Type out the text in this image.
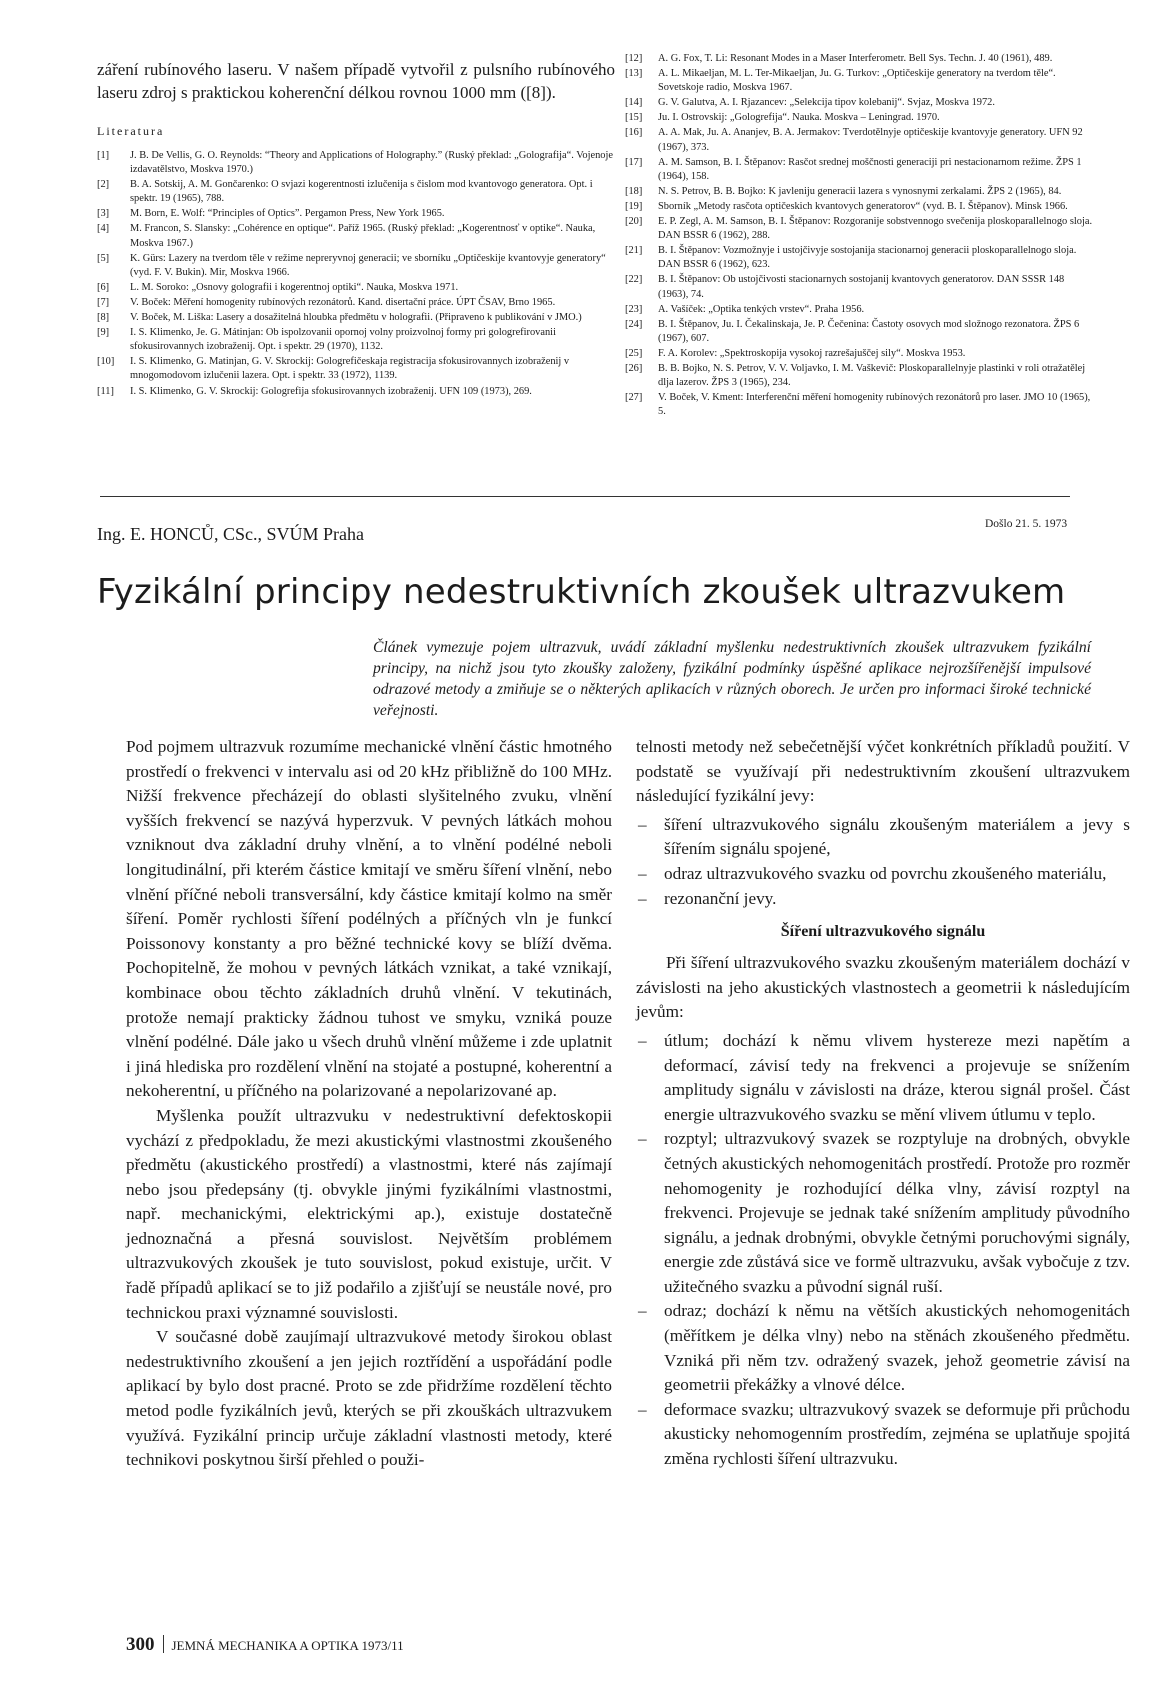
záření rubínového laseru. V našem případě vytvořil z pulsního rubínového laseru zdroj s praktickou koherenční délkou rovnou 1000 mm ([8]).

Literatura
[1] J. B. De Vellis, G. O. Reynolds: “Theory and Applications of Holography.” (Ruský překlad: „Golografija“. Vojenoje izdavatělstvo, Moskva 1970.)
[2] B. A. Sotskij, A. M. Gončarenko: O svjazi kogerentnosti izlučenija s čislom mod kvantovogo generatora. Opt. i spektr. 19 (1965), 788.
[3] M. Born, E. Wolf: “Principles of Optics”. Pergamon Press, New York 1965.
[4] M. Francon, S. Slansky: „Cohérence en optique“. Paříž 1965. (Ruský překlad: „Kogerentnosť v optike“. Nauka, Moskva 1967.)
[5] K. Gürs: Lazery na tverdom těle v režime nepreryvnoj generacii; ve sborníku „Optičeskije kvantovyje generatory“ (vyd. F. V. Bukin). Mir, Moskva 1966.
[6] L. M. Soroko: „Osnovy golografii i kogerentnoj optiki“. Nauka, Moskva 1971.
[7] V. Boček: Měření homogenity rubínových rezonátorů. Kand. disertační práce. ÚPT ČSAV, Brno 1965.
[8] V. Boček, M. Liška: Lasery a dosažitelná hloubka předmětu v holografii. (Připraveno k publikování v JMO.)
[9] I. S. Klimenko, Je. G. Mátinjan: Ob ispolzovanii opornoj volny proizvolnoj formy pri gologrefirovanii sfokusirovannych izobraženij. Opt. i spektr. 29 (1970), 1132.
[10] I. S. Klimenko, G. Matinjan, G. V. Skrockij: Gologrefičeskaja registracija sfokusirovannych izobraženij v mnogomodovom izlučenii lazera. Opt. i spektr. 33 (1972), 1139.
[11] I. S. Klimenko, G. V. Skrockij: Gologrefija sfokusirovannych izobraženij. UFN 109 (1973), 269.
[12] A. G. Fox, T. Li: Resonant Modes in a Maser Interferometr. Bell Sys. Techn. J. 40 (1961), 489.
[13] A. L. Mikaeljan, M. L. Ter-Mikaeljan, Ju. G. Turkov: „Optičeskije generatory na tverdom těle“. Sovetskoje radio, Moskva 1967.
[14] G. V. Galutva, A. I. Rjazancev: „Selekcija tipov kolebanij“. Svjaz, Moskva 1972.
[15] Ju. I. Ostrovskij: „Gologrefija“. Nauka. Moskva – Leningrad. 1970.
[16] A. A. Mak, Ju. A. Ananjev, B. A. Jermakov: Tverdotělnyje optičeskije kvantovyje generatory. UFN 92 (1967), 373.
[17] A. M. Samson, B. I. Štěpanov: Rasčot srednej moščnosti generaciji pri nestacionarnom režime. ŽPS 1 (1964), 158.
[18] N. S. Petrov, B. B. Bojko: K javleniju generacii lazera s vynosnymi zerkalami. ŽPS 2 (1965), 84.
[19] Sborník „Metody rasčota optičeskich kvantovych generatorov“ (vyd. B. I. Štěpanov). Minsk 1966.
[20] E. P. Zegl, A. M. Samson, B. I. Štěpanov: Rozgoranije sobstvennogo svečenija ploskoparallelnogo sloja. DAN BSSR 6 (1962), 288.
[21] B. I. Štěpanov: Vozmožnyje i ustojčivyje sostojanija stacionarnoj generacii ploskoparallelnogo sloja. DAN BSSR 6 (1962), 623.
[22] B. I. Štěpanov: Ob ustojčivosti stacionarnych sostojanij kvantovych generatorov. DAN SSSR 148 (1963), 74.
[23] A. Vašíček: „Optika tenkých vrstev“. Praha 1956.
[24] B. I. Štěpanov, Ju. I. Čekalinskaja, Je. P. Čečenina: Častoty osovych mod složnogo rezonatora. ŽPS 6 (1967), 607.
[25] F. A. Korolev: „Spektroskopija vysokoj razrešajuščej sily“. Moskva 1953.
[26] B. B. Bojko, N. S. Petrov, V. V. Voljavko, I. M. Vaškevič: Ploskoparallelnyje plastinki v roli otražatělej dlja lazerov. ŽPS 3 (1965), 234.
[27] V. Boček, V. Kment: Interferenční měření homogenity rubínových rezonátorů pro laser. JMO 10 (1965), 5.
Ing. E. HONCŮ, CSc., SVÚM Praha	Došlo 21. 5. 1973
Fyzikální principy nedestruktivních zkoušek ultrazvukem

Článek vymezuje pojem ultrazvuk, uvádí základní myšlenku nedestruktivních zkoušek ultrazvukem fyzikální principy, na nichž jsou tyto zkoušky založeny, fyzikální podmínky úspěšné aplikace nejrozšířenější impulsové odrazové metody a zmiňuje se o některých aplikacích v různých oborech. Je určen pro informaci široké technické veřejnosti.

Pod pojmem ultrazvuk rozumíme mechanické vlnění částic hmotného prostředí o frekvenci v intervalu asi od 20 kHz přibližně do 100 MHz. Nižší frekvence přecházejí do oblasti slyšitelného zvuku, vlnění vyšších frekvencí se nazývá hyperzvuk. V pevných látkách mohou vzniknout dva základní druhy vlnění, a to vlnění podélné neboli longitudinální, při kterém částice kmitají ve směru šíření vlnění, nebo vlnění příčné neboli transversální, kdy částice kmitají kolmo na směr šíření. Poměr rychlosti šíření podélných a příčných vln je funkcí Poissonovy konstanty a pro běžné technické kovy se blíží dvěma. Pochopitelně, že mohou v pevných látkách vznikat, a také vznikají, kombinace obou těchto základních druhů vlnění. V tekutinách, protože nemají prakticky žádnou tuhost ve smyku, vzniká pouze vlnění podélné. Dále jako u všech druhů vlnění můžeme i zde uplatnit i jiná hlediska pro rozdělení vlnění na stojaté a postupné, koherentní a nekoherentní, u příčného na polarizované a nepolarizované ap.

Myšlenka použít ultrazvuku v nedestruktivní defektoskopii vychází z předpokladu, že mezi akustickými vlastnostmi zkoušeného předmětu (akustického prostředí) a vlastnostmi, které nás zajímají nebo jsou předepsány (tj. obvykle jinými fyzikálními vlastnostmi, např. mechanickými, elektrickými ap.), existuje dostatečně jednoznačná a přesná souvislost. Největším problémem ultrazvukových zkoušek je tuto souvislost, pokud existuje, určit. V řadě případů aplikací se to již podařilo a zjišťují se neustále nové, pro technickou praxi významné souvislosti.

V současné době zaujímají ultrazvukové metody širokou oblast nedestruktivního zkoušení a jen jejich roztřídění a uspořádání podle aplikací by bylo dost pracné. Proto se zde přidržíme rozdělení těchto metod podle fyzikálních jevů, kterých se při zkouškách ultrazvukem využívá. Fyzikální princip určuje základní vlastnosti metody, které technikovi poskytnou širší přehled o použi-

telnosti metody než sebečetnější výčet konkrétních příkladů použití. V podstatě se využívají při nedestruktivním zkoušení ultrazvukem následující fyzikální jevy:

– šíření ultrazvukového signálu zkoušeným materiálem a jevy s šířením signálu spojené,
– odraz ultrazvukového svazku od povrchu zkoušeného materiálu,
– rezonanční jevy.
Šíření ultrazvukového signálu

Při šíření ultrazvukového svazku zkoušeným materiálem dochází v závislosti na jeho akustických vlastnostech a geometrii k následujícím jevům:

– útlum; dochází k němu vlivem hystereze mezi napětím a deformací, závisí tedy na frekvenci a projevuje se snížením amplitudy signálu v závislosti na dráze, kterou signál prošel. Část energie ultrazvukového svazku se mění vlivem útlumu v teplo.
– rozptyl; ultrazvukový svazek se rozptyluje na drobných, obvykle četných akustických nehomogenitách prostředí. Protože pro rozměr nehomogenity je rozhodující délka vlny, závisí rozptyl na frekvenci. Projevuje se jednak také snížením amplitudy původního signálu, a jednak drobnými, obvykle četnými poruchovými signály, energie zde zůstává sice ve formě ultrazvuku, avšak vybočuje z tzv. užitečného svazku a původní signál ruší.
– odraz; dochází k němu na větších akustických nehomogenitách (měřítkem je délka vlny) nebo na stěnách zkoušeného předmětu. Vzniká při něm tzv. odražený svazek, jehož geometrie závisí na geometrii překážky a vlnové délce.
– deformace svazku; ultrazvukový svazek se deformuje při průchodu akusticky nehomogenním prostředím, zejména se uplatňuje spojitá změna rychlosti šíření ultrazvuku.
300 JEMNÁ MECHANIKA A OPTIKA 1973/11
